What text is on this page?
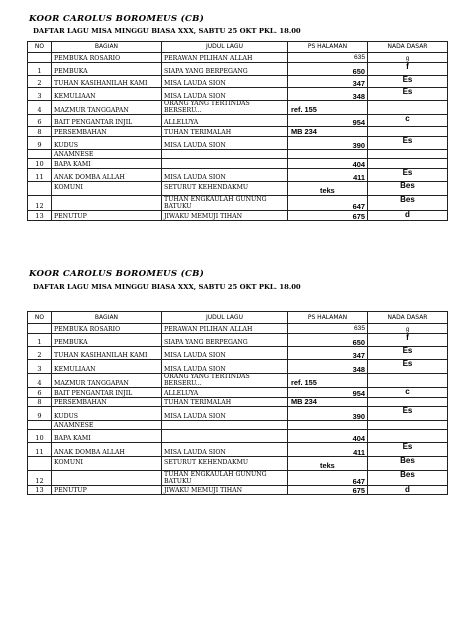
KOOR CAROLUS BOROMEUS (CB)
DAFTAR LAGU MISA MINGGU BIASA XXX, SABTU 25 OKT PKL. 18.00
NO	BAGIAN	JUDUL LAGU	PS HALAMAN	NADA DASAR
	PEMBUKA ROSARIO	PERAWAN PILIHAN ALLAH	635	g
1	PEMBUKA	SIAPA YANG BERPEGANG	650	f
2	TUHAN KASIHANILAH KAMI	MISA LAUDA SION	347	Es
3	KEMULIAAN	MISA LAUDA SION	348	Es
4	MAZMUR TANGGAPAN	ORANG YANG TERTINDAS BERSERU...	ref. 155	

6	BAIT PENGANTAR INJIL	ALLELUYA	954	c
8	PERSEMBAHAN	TUHAN TERIMALAH	MB 234	

9	KUDUS	MISA LAUDA SION	390	Es
	ANAMNESE			
10	BAPA KAMI		404	
11	ANAK DOMBA ALLAH	MISA LAUDA SION	411	Es
	KOMUNI	SETURUT KEHENDAKMU	teks	Bes
12		TUHAN ENGKAULAH GUNUNG BATUKU	647	Bes
13	PENUTUP	JIWAKU MEMUJI TIHAN	675	d
KOOR CAROLUS BOROMEUS (CB)
DAFTAR LAGU MISA MINGGU BIASA XXX, SABTU 25 OKT PKL. 18.00
NO	BAGIAN	JUDUL LAGU	PS HALAMAN	NADA DASAR
	PEMBUKA ROSARIO	PERAWAN PILIHAN ALLAH	635	g
1	PEMBUKA	SIAPA YANG BERPEGANG	650	f
2	TUHAN KASIHANILAH KAMI	MISA LAUDA SION	347	Es
3	KEMULIAAN	MISA LAUDA SION	348	Es
4	MAZMUR TANGGAPAN	ORANG YANG TERTINDAS BERSERU...	ref. 155	

6	BAIT PENGANTAR INJIL	ALLELUYA	954	c
8	PERSEMBAHAN	TUHAN TERIMALAH	MB 234	

9	KUDUS	MISA LAUDA SION	390	Es
	ANAMNESE			
10	BAPA KAMI		404	
11	ANAK DOMBA ALLAH	MISA LAUDA SION	411	Es
	KOMUNI	SETURUT KEHENDAKMU	teks	Bes
12		TUHAN ENGKAULAH GUNUNG BATUKU	647	Bes
13	PENUTUP	JIWAKU MEMUJI TIHAN	675	d
